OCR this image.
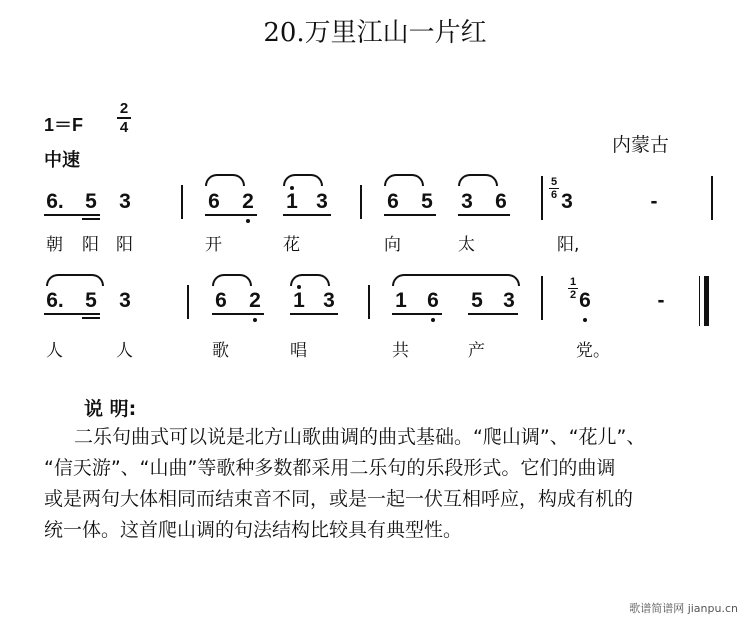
20.万里江山一片红
1＝F
2
4
中速
内蒙古
6. 5 3	6 2 1 3	6 5 3 6
5
6 3	-
朝 阳 阳	开	花	向	太	阳,
6. 5 3	6 2 1 3	1 6 5 3
1
2 6	-
人	人	歌	唱	共	产	党。
说 明:

二乐句曲式可以说是北方山歌曲调的曲式基础。“爬山调”、“花儿”、

“信天游”、“山曲”等歌种多数都采用二乐句的乐段形式。它们的曲调

或是两句大体相同而结束音不同，或是一起一伏互相呼应，构成有机的

统一体。这首爬山调的句法结构比较具有典型性。

歌谱简谱网 jianpu.cn
